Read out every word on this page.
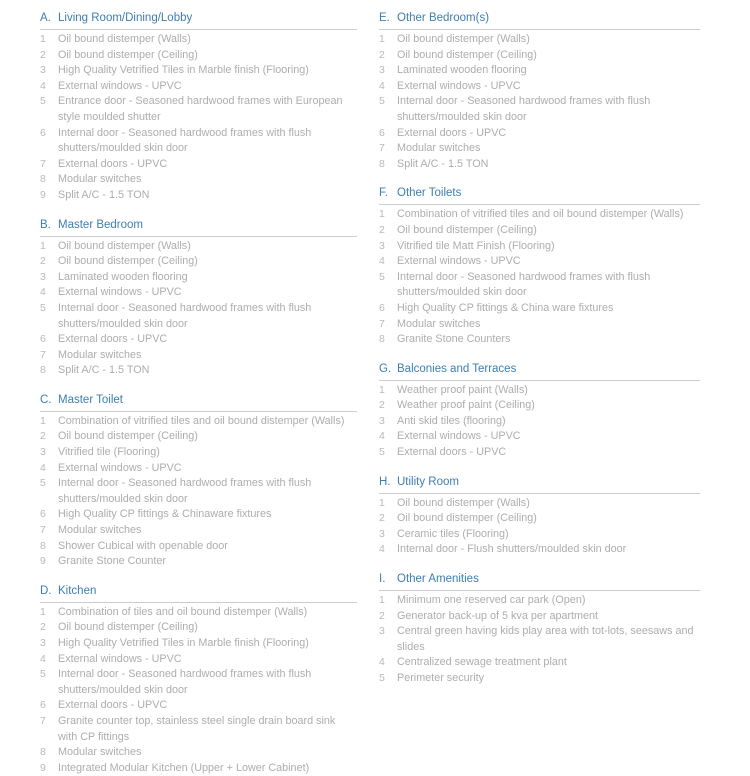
A. Living Room/Dining/Lobby
1	Oil bound distemper (Walls)
2	Oil bound distemper (Ceiling)
3	High Quality Vetrified Tiles in Marble finish (Flooring)
4	External windows - UPVC
5	Entrance door - Seasoned hardwood frames with European style moulded shutter
6	Internal door - Seasoned hardwood frames with flush shutters/moulded skin door
7	External doors - UPVC
8	Modular switches
9	Split A/C - 1.5 TON
B. Master Bedroom
1	Oil bound distemper (Walls)
2	Oil bound distemper (Ceiling)
3	Laminated wooden flooring
4	External windows - UPVC
5	Internal door - Seasoned hardwood frames with flush shutters/moulded skin door
6	External doors - UPVC
7	Modular switches
8	Split A/C - 1.5 TON
C. Master Toilet
1	Combination of vitrified tiles and oil bound distemper (Walls)
2	Oil bound distemper (Ceiling)
3	Vitrified tile (Flooring)
4	External windows - UPVC
5	Internal door - Seasoned hardwood frames with flush shutters/moulded skin door
6	High Quality CP fittings & Chinaware fixtures
7	Modular switches
8	Shower Cubical with openable door
9	Granite Stone Counter
D. Kitchen
1	Combination of tiles and oil bound distemper (Walls)
2	Oil bound distemper (Ceiling)
3	High Quality Vetrified Tiles in Marble finish (Flooring)
4	External windows - UPVC
5	Internal door - Seasoned hardwood frames with flush shutters/moulded skin door
6	External doors - UPVC
7	Granite counter top, stainless steel single drain board sink with CP fittings
8	Modular switches
9	Integrated Modular Kitchen (Upper + Lower Cabinet)
E. Other Bedroom(s)
1	Oil bound distemper (Walls)
2	Oil bound distemper (Ceiling)
3	Laminated wooden flooring
4	External windows - UPVC
5	Internal door - Seasoned hardwood frames with flush shutters/moulded skin door
6	External doors - UPVC
7	Modular switches
8	Split A/C - 1.5 TON
F. Other Toilets
1	Combination of vitrified tiles and oil bound distemper (Walls)
2	Oil bound distemper (Ceiling)
3	Vitrified tile Matt Finish (Flooring)
4	External windows - UPVC
5	Internal door - Seasoned hardwood frames with flush shutters/moulded skin door
6	High Quality CP fittings & China ware fixtures
7	Modular switches
8	Granite Stone Counters
G. Balconies and Terraces
1	Weather proof paint (Walls)
2	Weather proof paint (Ceiling)
3	Anti skid tiles (flooring)
4	External windows - UPVC
5	External doors - UPVC
H. Utility Room
1	Oil bound distemper (Walls)
2	Oil bound distemper (Ceiling)
3	Ceramic tiles (Flooring)
4	Internal door - Flush shutters/moulded skin door
I.	Other Amenities
1	Minimum one reserved car park (Open)
2	Generator back-up of 5 kva per apartment
3	Central green having kids play area with tot-lots, seesaws and slides
4	Centralized sewage treatment plant
5	Perimeter security
